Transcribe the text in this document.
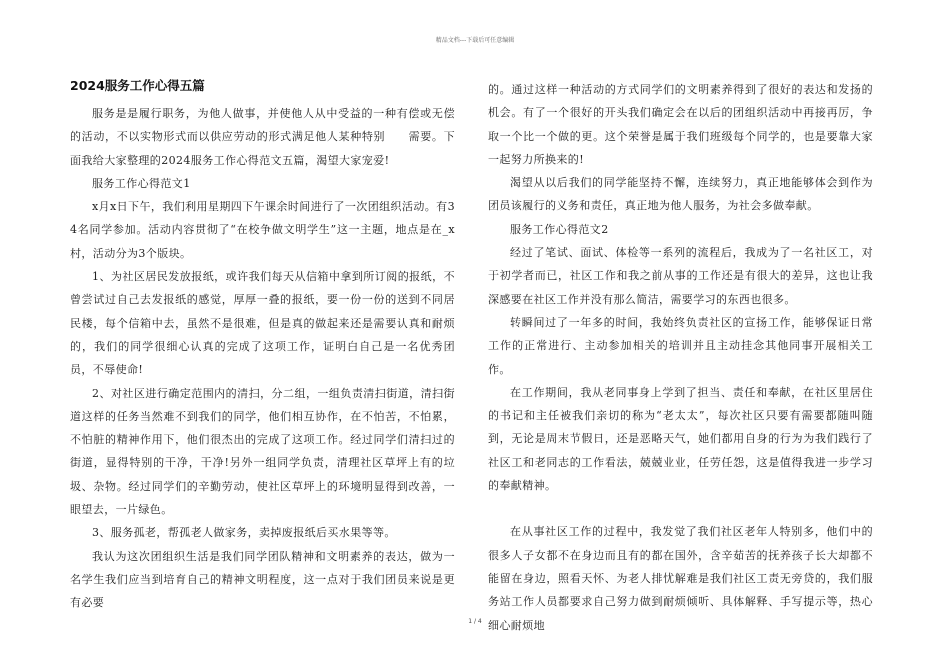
精品文档---下载后可任意编辑
2024服务工作心得五篇

服务是是履行职务，为他人做事，并使他人从中受益的一种有偿或无偿的活动，不以实物形式而以供应劳动的形式满足他人某种特别　　需要。下面我给大家整理的2024服务工作心得范文五篇，渴望大家宠爱!

服务工作心得范文1

x月x日下午，我们利用星期四下午课余时间进行了一次团组织活动。有34名同学参加。活动内容贯彻了“在校争做文明学生”这一主题，地点是在_x村，活动分为3个版块。

1、为社区居民发放报纸，或许我们每天从信箱中拿到所订阅的报纸，不曾尝试过自己去发报纸的感觉，厚厚一叠的报纸，要一份一份的送到不同居民楼，每个信箱中去，虽然不是很难，但是真的做起来还是需要认真和耐烦的，我们的同学很细心认真的完成了这项工作，证明白自己是一名优秀团员，不辱使命!

2、对社区进行确定范围内的清扫，分二组，一组负责清扫街道，清扫街道这样的任务当然难不到我们的同学，他们相互协作，在不怕苦，不怕累，不怕脏的精神作用下，他们很杰出的完成了这项工作。经过同学们清扫过的街道，显得特别的干净，干净!另外一组同学负责，清理社区草坪上有的垃圾、杂物。经过同学们的辛勤劳动，使社区草坪上的环境明显得到改善，一眼望去，一片绿色。

3、服务孤老，帮孤老人做家务，卖掉废报纸后买水果等等。

我认为这次团组织生活是我们同学团队精神和文明素养的表达，做为一名学生我们应当到培育自己的精神文明程度，这一点对于我们团员来说是更有必要

的。通过这样一种活动的方式同学们的文明素养得到了很好的表达和发扬的机会。有了一个很好的开头我们确定会在以后的团组织活动中再接再厉，争取一个比一个做的更。这个荣誉是属于我们班级每个同学的，也是要靠大家一起努力所换来的!

渴望从以后我们的同学能坚持不懈，连续努力，真正地能够体会到作为团员该履行的义务和责任，真正地为他人服务，为社会多做奉献。

服务工作心得范文2

经过了笔试、面试、体检等一系列的流程后，我成为了一名社区工，对于初学者而已，社区工作和我之前从事的工作还是有很大的差异，这也让我深感要在社区工作并没有那么简洁，需要学习的东西也很多。

转瞬间过了一年多的时间，我始终负责社区的宣扬工作，能够保证日常工作的正常进行、主动参加相关的培训并且主动挂念其他同事开展相关工作。

在工作期间，我从老同事身上学到了担当、责任和奉献，在社区里居住的书记和主任被我们亲切的称为“老太太”，每次社区只要有需要都随叫随到，无论是周末节假日，还是恶略天气，她们都用自身的行为为我们践行了社区工和老同志的工作看法，兢兢业业，任劳任怨，这是值得我进一步学习的奉献精神。

在从事社区工作的过程中，我发觉了我们社区老年人特别多，他们中的很多人子女都不在身边而且有的都在国外，含辛茹苦的抚养孩子长大却都不能留在身边，照看天怀、为老人排忧解难是我们社区工责无旁贷的，我们服务站工作人员都要求自己努力做到耐烦倾听、具体解释、手写提示等，热心细心耐烦地

1 / 4
